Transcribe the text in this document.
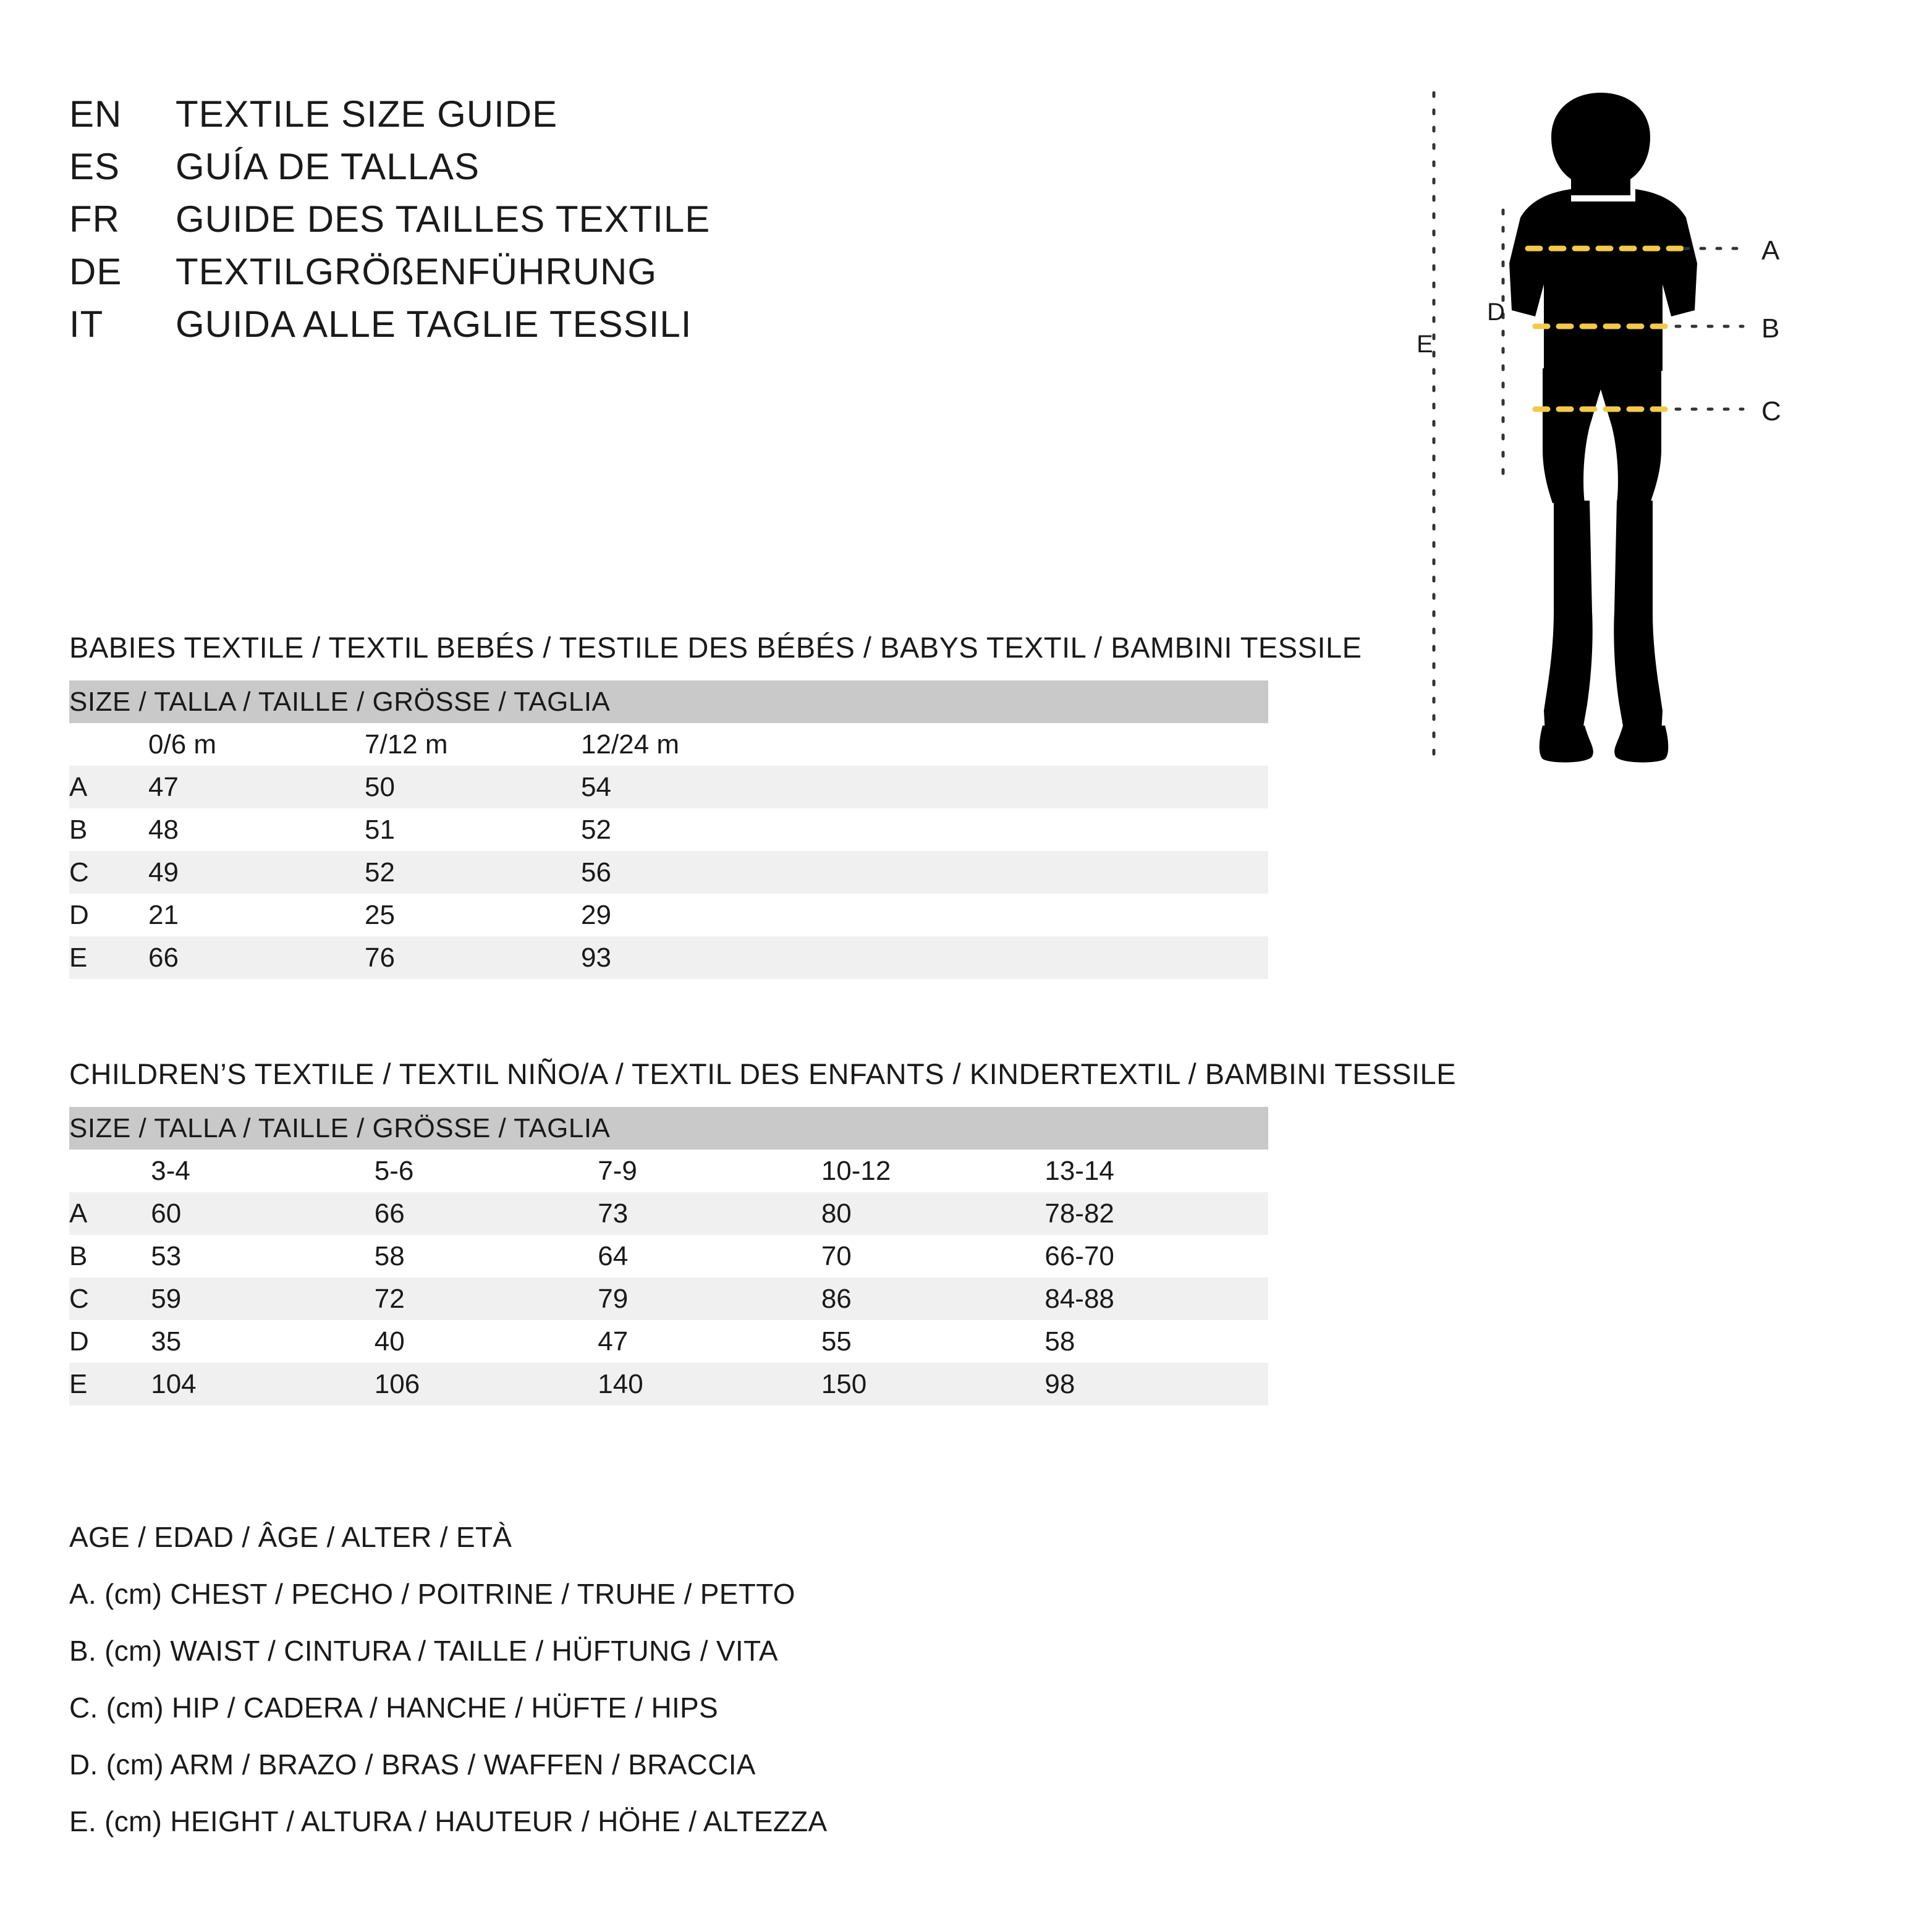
EN	TEXTILE SIZE GUIDE
ES	GUÍA DE TALLAS
FR	GUIDE DES TAILLES TEXTILE
DE	TEXTILGRÖßENFÜHRUNG
IT	GUIDA ALLE TAGLIE TESSILI
A
B
C
D
E
BABIES TEXTILE / TEXTIL BEBÉS / TESTILE DES BÉBÉS / BABYS TEXTIL / BAMBINI TESSILE
SIZE / TALLA / TAILLE / GRÖSSE / TAGLIA				
	0/6 m	7/12 m	12/24 m	
A	47	50	54	
B	48	51	52	
C	49	52	56	
D	21	25	29	
E	66	76	93	
CHILDREN’S TEXTILE / TEXTIL NIÑO/A / TEXTIL DES ENFANTS / KINDERTEXTIL / BAMBINI TESSILE
SIZE / TALLA / TAILLE / GRÖSSE / TAGLIA					
	3-4	5-6	7-9	10-12	13-14
A	60	66	73	80	78-82
B	53	58	64	70	66-70
C	59	72	79	86	84-88
D	35	40	47	55	58
E	104	106	140	150	98
AGE / EDAD / ÂGE / ALTER / ETÀ
A. (cm) CHEST / PECHO / POITRINE / TRUHE / PETTO
B. (cm) WAIST / CINTURA / TAILLE / HÜFTUNG / VITA
C. (cm) HIP / CADERA / HANCHE / HÜFTE / HIPS
D. (cm) ARM / BRAZO / BRAS / WAFFEN / BRACCIA
E. (cm) HEIGHT / ALTURA / HAUTEUR / HÖHE / ALTEZZA
